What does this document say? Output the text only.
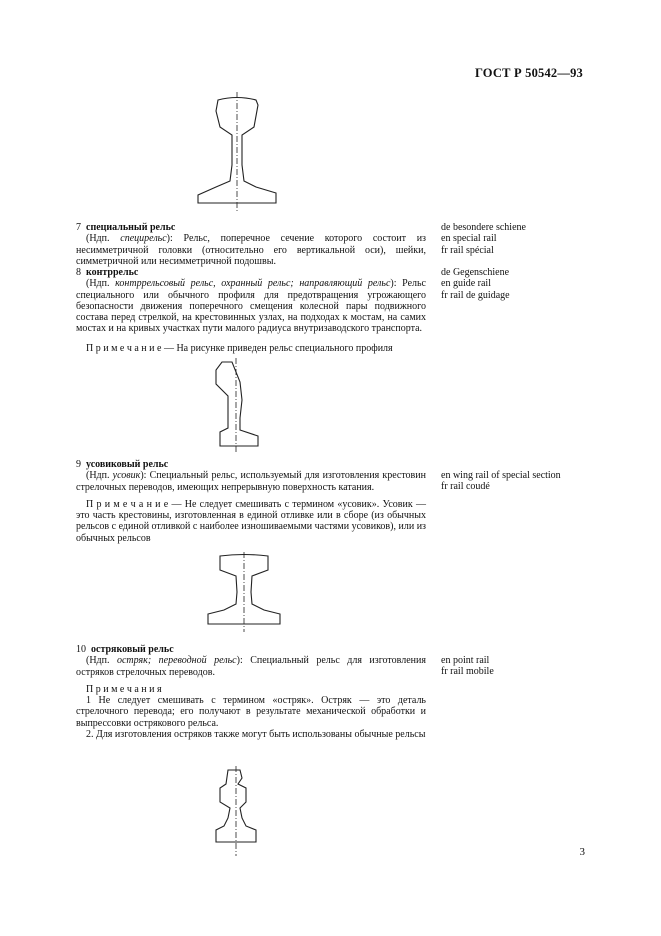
ГОСТ Р 50542—93
7 специальный рельс
(Ндп. специрельс): Рельс, поперечное сечение которого состоит из несимметричной головки (относительно его вертикальной оси), шейки, симметричной или несимметричной подошвы.
de besondere schiene
en special rail
fr rail spécial
8 контррельс
(Ндп. контррельсовый рельс, охранный рельс; направляющий рельс): Рельс специального или обычного профиля для предотвращения угрожающего безопасности движения поперечного смещения колесной пары подвижного состава перед стрелкой, на крестовинных узлах, на подходах к мостам, на самих мостах и на кривых участках пути малого радиуса внутризаводского транспорта.
П р и м е ч а н и е — На рисунке приведен рельс специального профиля
de Gegenschiene
en guide rail
fr rail de guidage
9 усовиковый рельс
(Ндп. усовик): Специальный рельс, используемый для изготовления крестовин стрелочных переводов, имеющих непрерывную поверхность катания.
П р и м е ч а н и е — Не следует смешивать с термином «усовик». Усовик — это часть крестовины, изготовленная в единой отливке или в сборе (из обычных рельсов с единой отливкой с наиболее изношиваемыми частями усовиков), или из обычных рельсов
en wing rail of special section
fr rail coudé
10 остряковый рельс
(Ндп. остряк; переводной рельс): Специальный рельс для изготовления остряков стрелочных переводов.
П р и м е ч а н и я
1 Не следует смешивать с термином «остряк». Остряк — это деталь стрелочного перевода; его получают в результате механической обработки и выпрессовки острякового рельса.
2. Для изготовления остряков также могут быть использованы обычные рельсы
en point rail
fr rail mobile
3
